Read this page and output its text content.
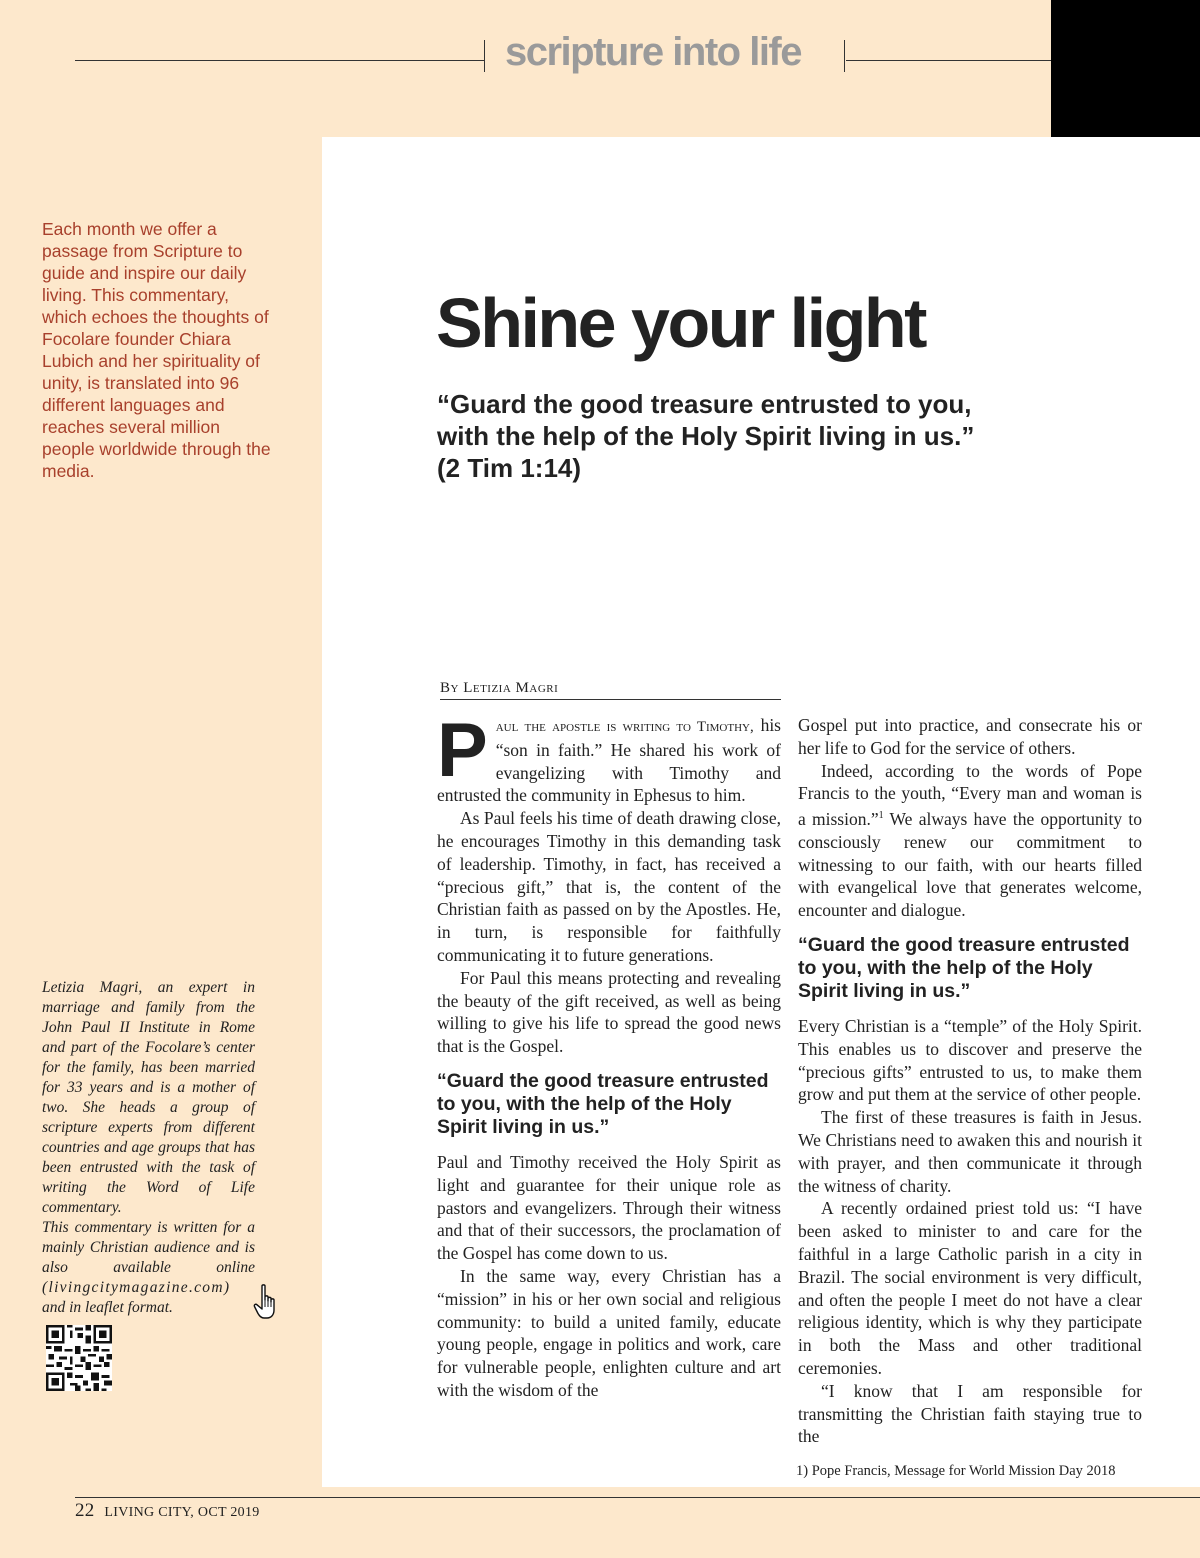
scripture into life
Each month we offer a passage from Scripture to guide and inspire our daily living. This commentary, which echoes the thoughts of Focolare founder Chiara Lubich and her spirituality of unity, is translated into 96 different languages and reaches several million people worldwide through the media.

Letizia Magri, an expert in marriage and family from the John Paul II Institute in Rome and part of the Focolare’s center for the family, has been married for 33 years and is a mother of two. She heads a group of scripture experts from different countries and age groups that has been entrusted with the task of writing the Word of Life commentary.

This commentary is written for a mainly Christian audience and is also available online (livingcitymagazine.com) and in leaflet format.

Shine your light
“Guard the good treasure entrusted to you, with the help of the Holy Spirit living in us.” (2 Tim 1:14)
By Letizia Magri

Paul the apostle is writing to Timothy, his “son in faith.” He shared his work of evangelizing with Timothy and entrusted the community in Ephesus to him.

As Paul feels his time of death drawing close, he encourages Timothy in this demanding task of leadership. Timothy, in fact, has received a “precious gift,” that is, the content of the Christian faith as passed on by the Apostles. He, in turn, is responsible for faithfully communicating it to future generations.

For Paul this means protecting and revealing the beauty of the gift received, as well as being willing to give his life to spread the good news that is the Gospel.

“Guard the good treasure entrusted to you, with the help of the Holy Spirit living in us.”

Paul and Timothy received the Holy Spirit as light and guarantee for their unique role as pastors and evangelizers. Through their witness and that of their successors, the proclamation of the Gospel has come down to us.

In the same way, every Christian has a “mission” in his or her own social and religious community: to build a united family, educate young people, engage in politics and work, care for vulnerable people, enlighten culture and art with the wisdom of the

Gospel put into practice, and consecrate his or her life to God for the service of others.

Indeed, according to the words of Pope Francis to the youth, “Every man and woman is a mission.”$^1$ We always have the opportunity to consciously renew our commitment to witnessing to our faith, with our hearts filled with evangelical love that generates welcome, encounter and dialogue.

“Guard the good treasure entrusted to you, with the help of the Holy Spirit living in us.”

Every Christian is a “temple” of the Holy Spirit. This enables us to discover and preserve the “precious gifts” entrusted to us, to make them grow and put them at the service of other people.

The first of these treasures is faith in Jesus. We Christians need to awaken this and nourish it with prayer, and then communicate it through the witness of charity.

A recently ordained priest told us: “I have been asked to minister to and care for the faithful in a large Catholic parish in a city in Brazil. The social environment is very difficult, and often the people I meet do not have a clear religious identity, which is why they participate in both the Mass and other traditional ceremonies.

“I know that I am responsible for transmitting the Christian faith staying true to the

1) Pope Francis, Message for World Mission Day 2018
22 LIVING CITY, OCT 2019
